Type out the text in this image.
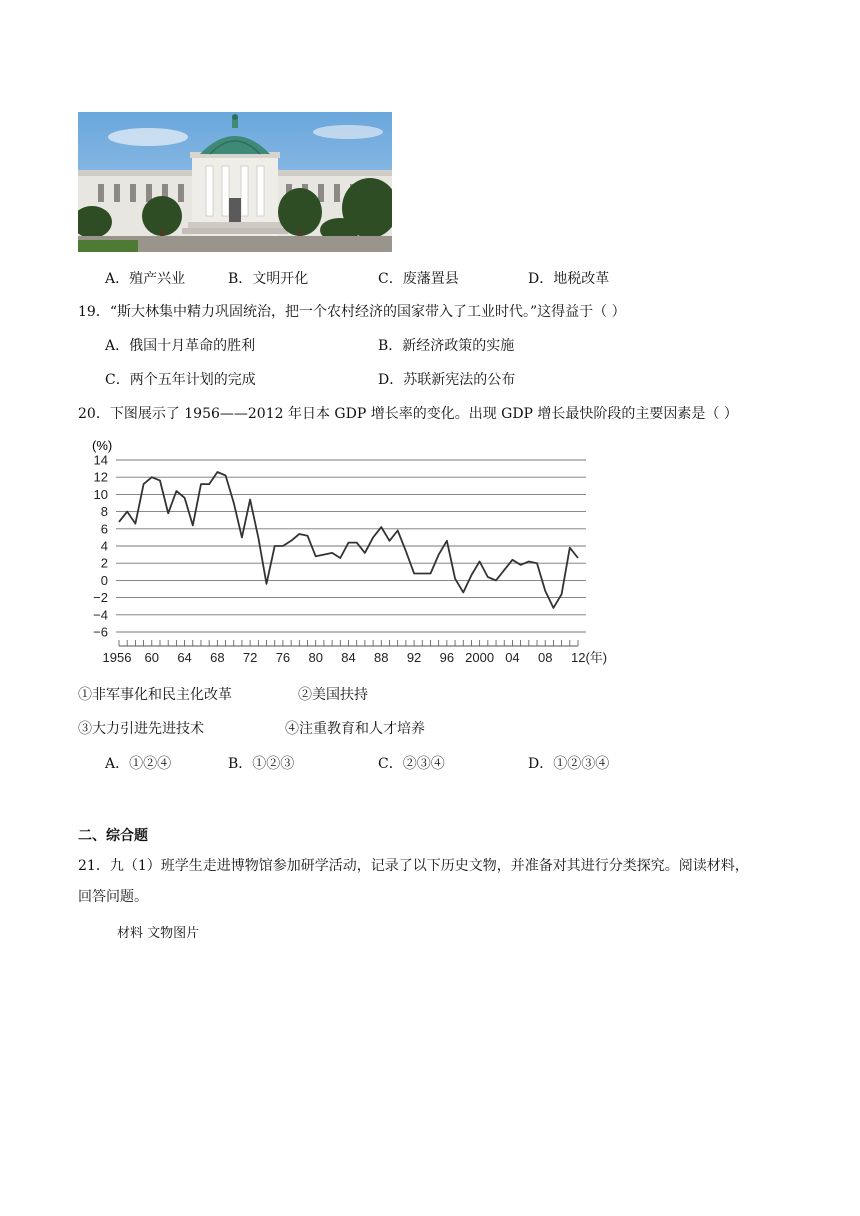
A．殖产兴业	B．文明开化	C．废藩置县	D．地税改革
19．“斯大林集中精力巩固统治，把一个农村经济的国家带入了工业时代。”这得益于（ ）
A．俄国十月革命的胜利	B．新经济政策的实施
C．两个五年计划的完成	D．苏联新宪法的公布
20．下图展示了 1956——2012 年日本 GDP 增长率的变化。出现 GDP 增长最快阶段的主要因素是（ ）
14
12
10
8
6
4
2
0
−2
−4
−6
1956 60 64 68 72 76 80 84 88 92 96 2000 04 08 12(年)
(%)
①非军事化和民主化改革	②美国扶持
③大力引进先进技术	④注重教育和人才培养
A．①②④	B．①②③	C．②③④	D．①②③④
二、综合题
21．九（1）班学生走进博物馆参加研学活动，记录了以下历史文物，并准备对其进行分类探究。阅读材料，
回答问题。
材料 文物图片
